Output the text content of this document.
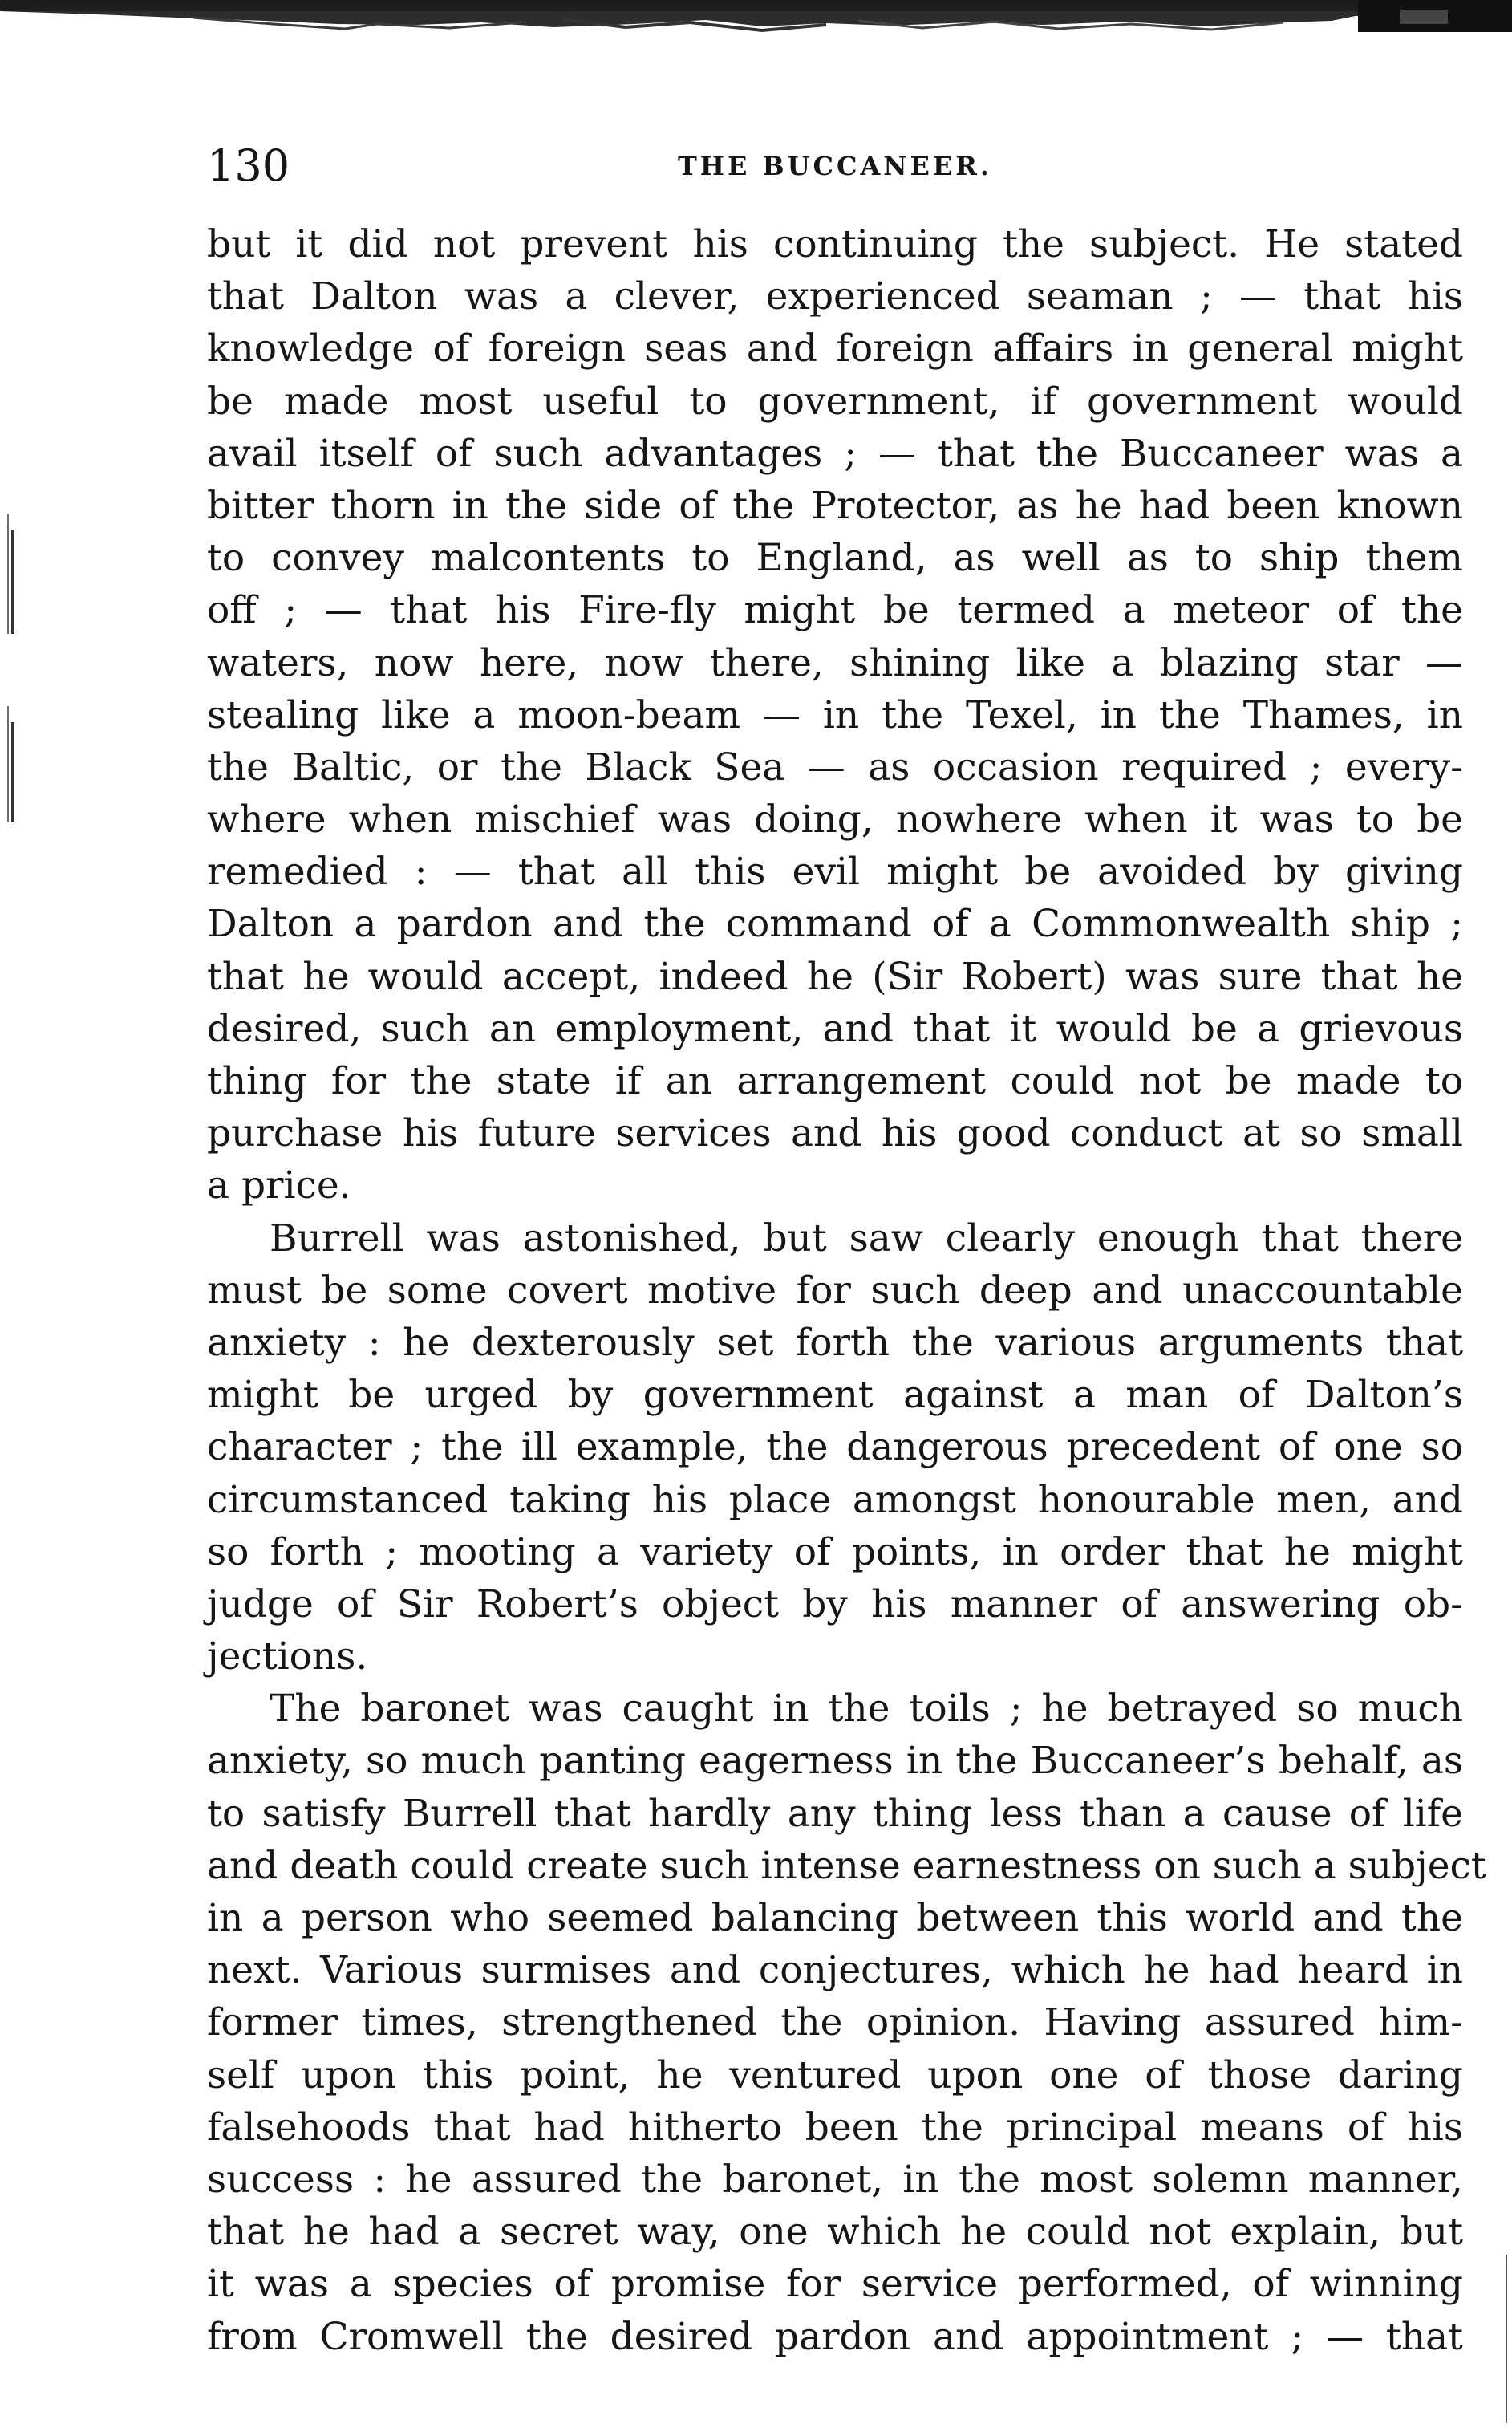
130	THE BUCCANEER.
but it did not prevent his continuing the subject. He stated
that Dalton was a clever, experienced seaman ; — that his
knowledge of foreign seas and foreign affairs in general might
be made most useful to government, if government would
avail itself of such advantages ; — that the Buccaneer was a
bitter thorn in the side of the Protector, as he had been known
to convey malcontents to England, as well as to ship them
off ; — that his Fire-fly might be termed a meteor of the
waters, now here, now there, shining like a blazing star —
stealing like a moon-beam — in the Texel, in the Thames, in
the Baltic, or the Black Sea — as occasion required ; every-
where when mischief was doing, nowhere when it was to be
remedied : — that all this evil might be avoided by giving
Dalton a pardon and the command of a Commonwealth ship ;
that he would accept, indeed he (Sir Robert) was sure that he
desired, such an employment, and that it would be a grievous
thing for the state if an arrangement could not be made to
purchase his future services and his good conduct at so small
a price.
Burrell was astonished, but saw clearly enough that there
must be some covert motive for such deep and unaccountable
anxiety : he dexterously set forth the various arguments that
might be urged by government against a man of Dalton’s
character ; the ill example, the dangerous precedent of one so
circumstanced taking his place amongst honourable men, and
so forth ; mooting a variety of points, in order that he might
judge of Sir Robert’s object by his manner of answering ob-
jections.
The baronet was caught in the toils ; he betrayed so much
anxiety, so much panting eagerness in the Buccaneer’s behalf, as
to satisfy Burrell that hardly any thing less than a cause of life
and death could create such intense earnestness on such a subject
in a person who seemed balancing between this world and the
next. Various surmises and conjectures, which he had heard in
former times, strengthened the opinion. Having assured him-
self upon this point, he ventured upon one of those daring
falsehoods that had hitherto been the principal means of his
success : he assured the baronet, in the most solemn manner,
that he had a secret way, one which he could not explain, but
it was a species of promise for service performed, of winning
from Cromwell the desired pardon and appointment ; — that
